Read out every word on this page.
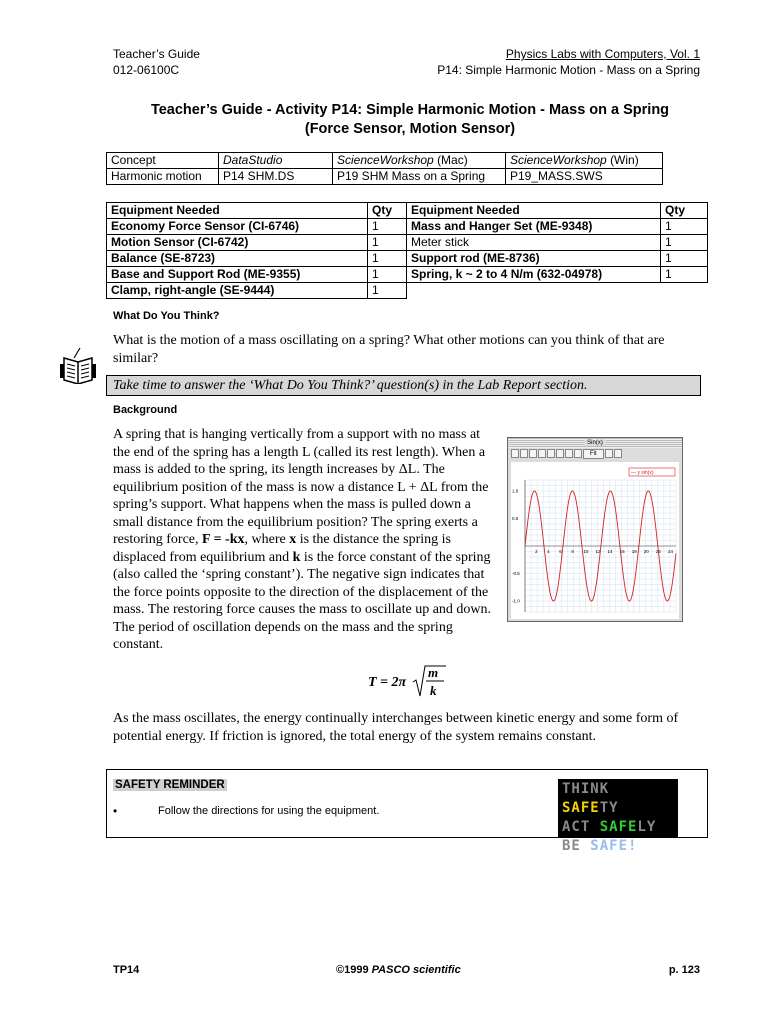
Teacher’s Guide
012-06100C
Physics Labs with Computers, Vol. 1
P14: Simple Harmonic Motion - Mass on a Spring
Teacher’s Guide - Activity P14: Simple Harmonic Motion - Mass on a Spring
(Force Sensor, Motion Sensor)
Concept	DataStudio	ScienceWorkshop (Mac)	ScienceWorkshop (Win)
Harmonic motion	P14 SHM.DS	P19 SHM Mass on a Spring	P19_MASS.SWS
Equipment Needed	Qty	Equipment Needed	Qty
Economy Force Sensor (CI-6746)	1	Mass and Hanger Set (ME-9348)	1
Motion Sensor (CI-6742)	1	Meter stick	1
Balance (SE-8723)	1	Support rod (ME-8736)	1
Base and Support Rod (ME-9355)	1	Spring, k ~ 2 to 4 N/m (632-04978)	1
Clamp, right-angle (SE-9444)	1		
What Do You Think?
What is the motion of a mass oscillating on a spring? What other motions can you think of that are similar?
Take time to answer the ‘What Do You Think?’ question(s) in the Lab Report section.
Background
A spring that is hanging vertically from a support with no mass at the end of the spring has a length L (called its rest length). When a mass is added to the spring, its length increases by ΔL. The equilibrium position of the mass is now a distance L + ΔL from the spring’s support. What happens when the mass is pulled down a small distance from the equilibrium position? The spring exerts a restoring force, F = -kx, where x is the distance the spring is displaced from equilibrium and k is the force constant of the spring (also called the ‘spring constant’). The negative sign indicates that the force points opposite to the direction of the displacement of the mass. The restoring force causes the mass to oscillate up and down. The period of oscillation depends on the mass and the spring constant.
Sin(x)
Fit
2 4 6 8 10 12 14 16 18 20 22 24
1.0
0.5
-0.5
-1.0
— y sin(x)
T = 2π
m
k
As the mass oscillates, the energy continually interchanges between kinetic energy and some form of potential energy. If friction is ignored, the total energy of the system remains constant.
SAFETY REMINDER
•	Follow the directions for using the equipment.
THINK SAFETY
ACT SAFELY
BE SAFE!
TP14	©1999 PASCO scientific	p. 123
